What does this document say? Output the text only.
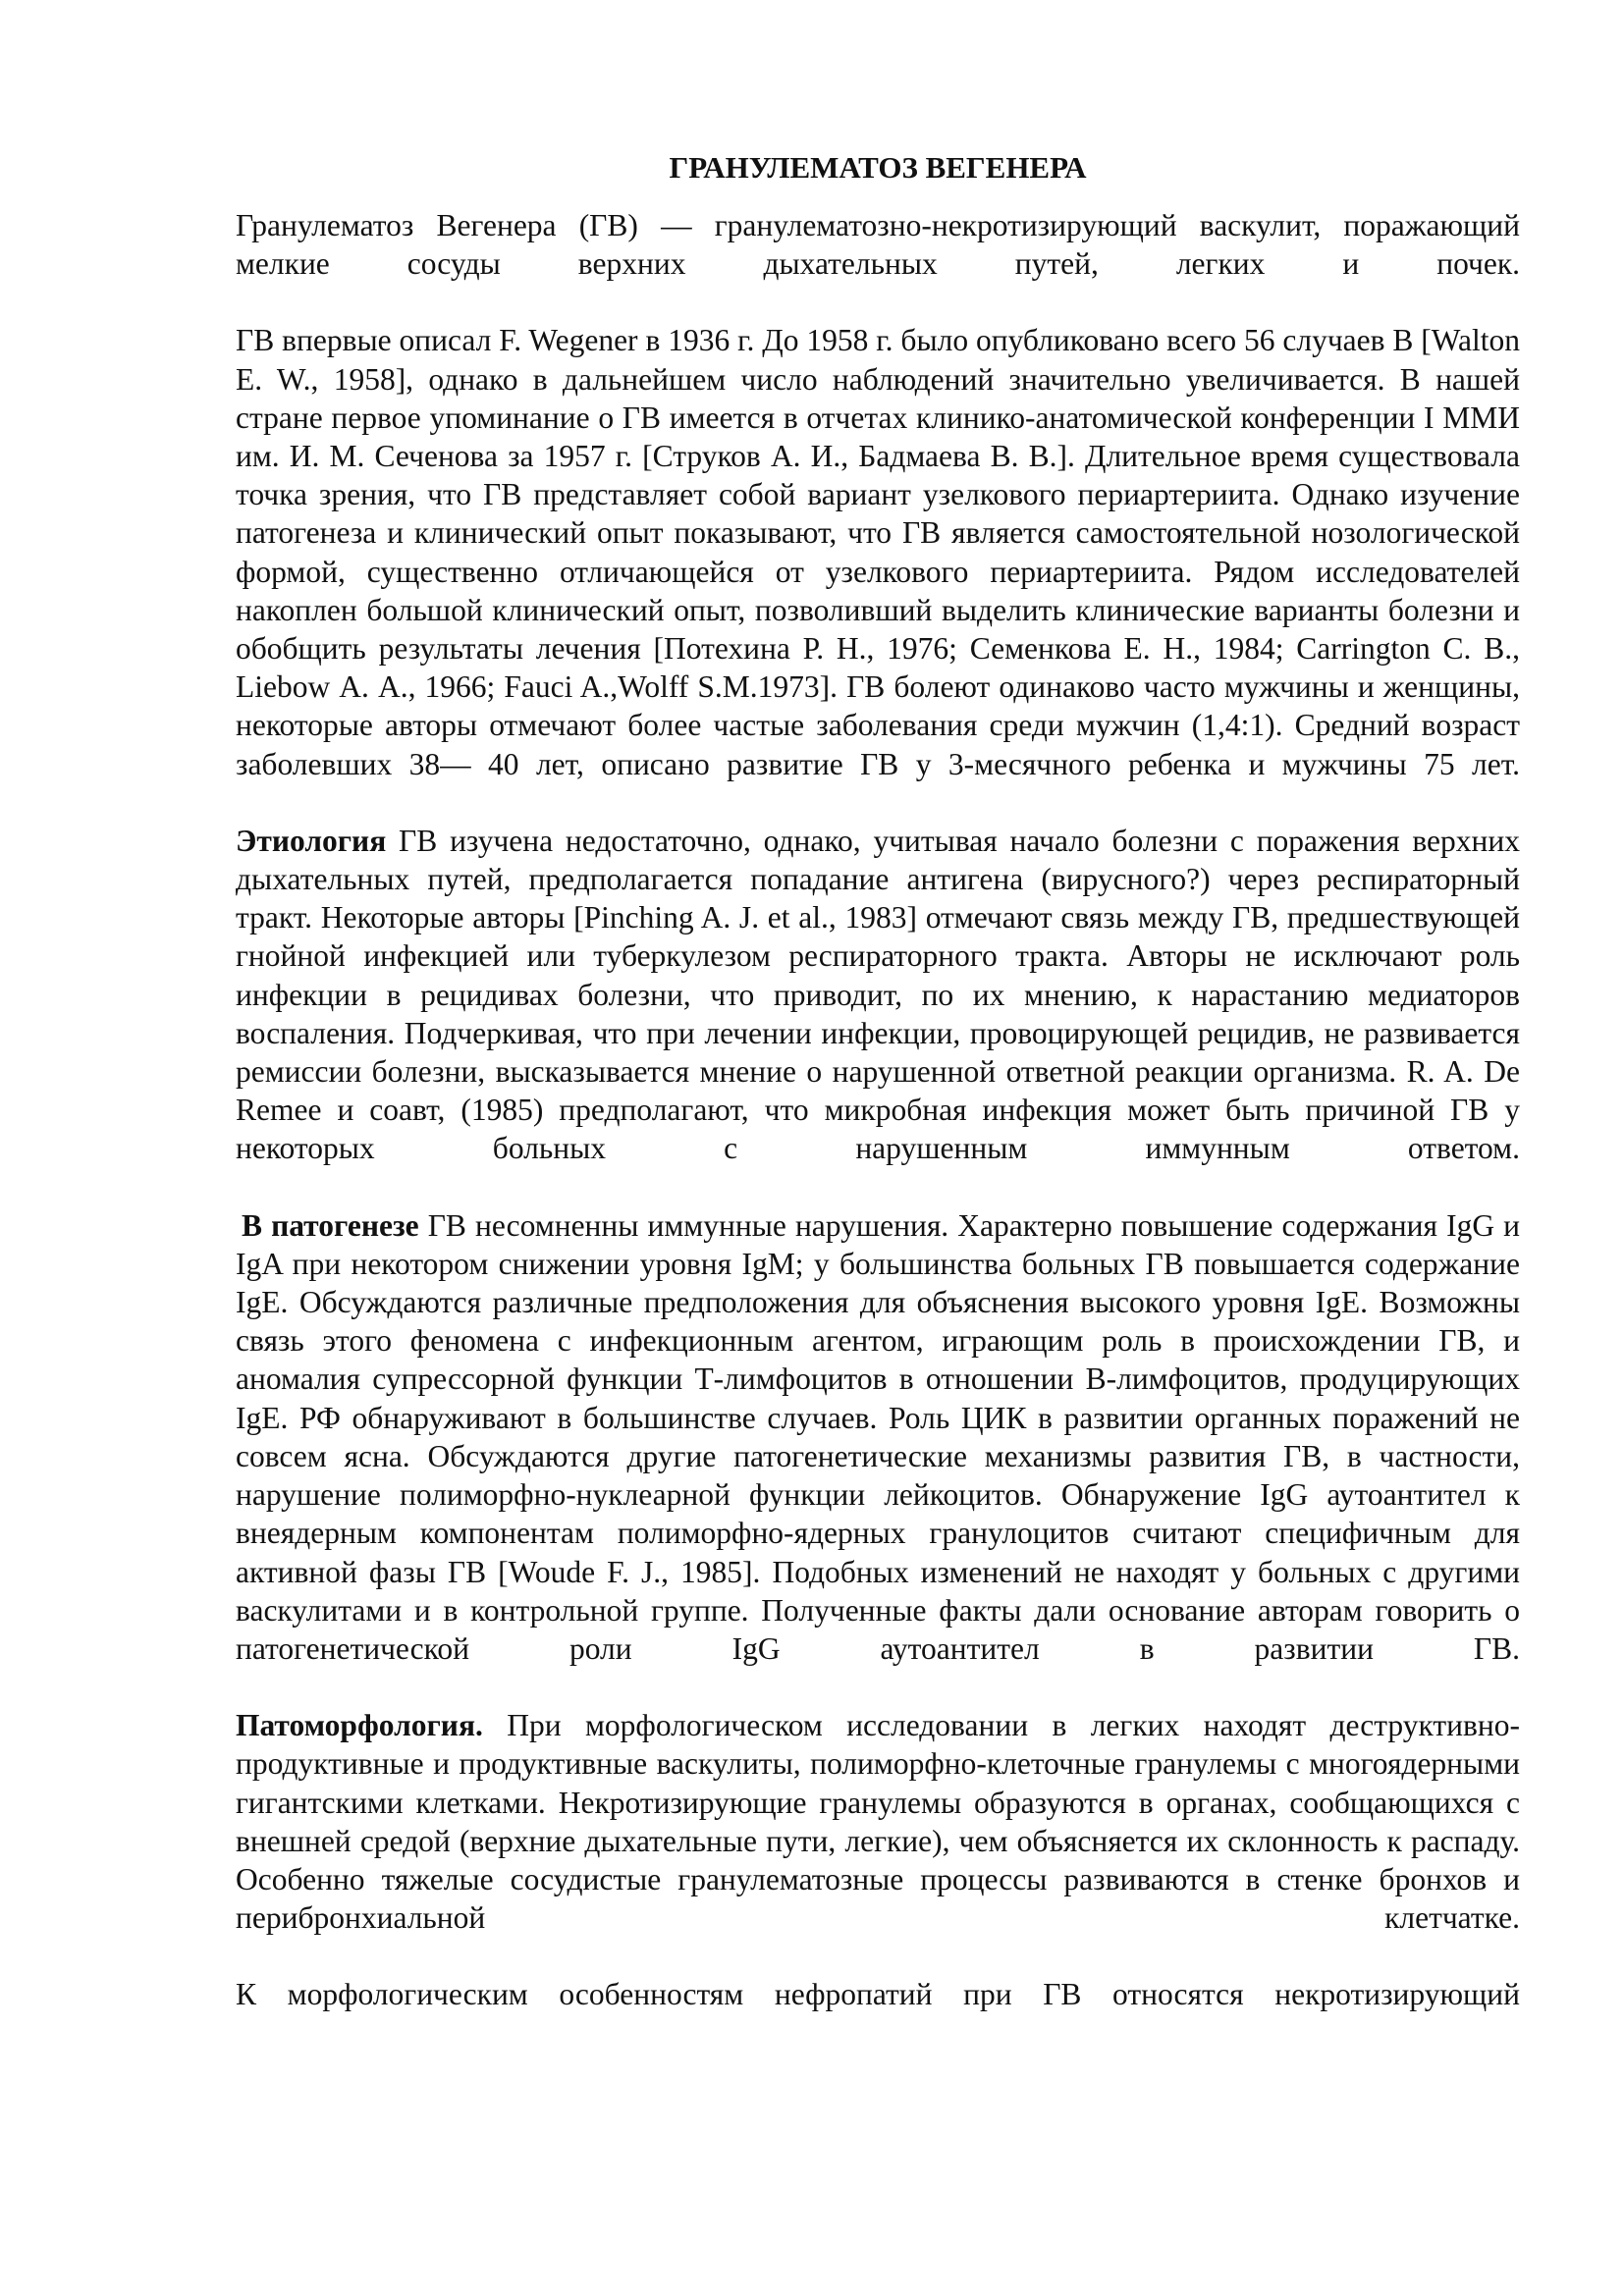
ГРАНУЛЕМАТОЗ ВЕГЕНЕРА

Гранулематоз Вегенера (ГВ) — гранулематозно-некротизирующий васкулит, поражающий мелкие сосуды верхних дыхательных путей, легких и почек.

ГВ впервые описал F. Wegener в 1936 г. До 1958 г. было опубликовано всего 56 случаев В [Walton E. W., 1958], однако в дальнейшем число наблюдений значительно увеличивается. В нашей стране первое упоминание о ГВ имеется в отчетах клинико-анатомической конференции I ММИ им. И. М. Сеченова за 1957 г. [Струков А. И., Бадмаева В. В.]. Длительное время существовала точка зрения, что ГВ представляет собой вариант узелкового периартериита. Однако изучение патогенеза и клинический опыт показывают, что ГВ является самостоятельной нозологической формой, существенно отличающейся от узелкового периартериита. Рядом исследователей накоплен большой клинический опыт, позволивший выделить клинические варианты болезни и обобщить результаты лечения [Потехина Р. Н., 1976; Семенкова Е. Н., 1984; Carrington С. В., Liebow А. А., 1966; Fauci A.,Wolff S.M.1973]. ГВ болеют одинаково часто мужчины и женщины, некоторые авторы отмечают более частые заболевания среди мужчин (1,4:1). Средний возраст заболевших 38— 40 лет, описано развитие ГВ у 3-месячного ребенка и мужчины 75 лет.

Этиология ГВ изучена недостаточно, однако, учитывая начало болезни с поражения верхних дыхательных путей, предполагается попадание антигена (вирусного?) через респираторный тракт. Некоторые авторы [Pinching A. J. et al., 1983] отмечают связь между ГВ, предшествующей гнойной инфекцией или туберкулезом респираторного тракта. Авторы не исключают роль инфекции в рецидивах болезни, что приводит, по их мнению, к нарастанию медиаторов воспаления. Подчеркивая, что при лечении инфекции, провоцирующей рецидив, не развивается ремиссии болезни, высказывается мнение о нарушенной ответной реакции организма. R. A. De Remee и соавт, (1985) предполагают, что микробная инфекция может быть причиной ГВ у некоторых больных с нарушенным иммунным ответом.

В патогенезе ГВ несомненны иммунные нарушения. Характерно повышение содержания IgG и IgA при некотором снижении уровня IgM; у большинства больных ГВ повышается содержание IgE. Обсуждаются различные предположения для объяснения высокого уровня IgE. Возможны связь этого феномена с инфекционным агентом, играющим роль в происхождении ГВ, и аномалия супрессорной функции Т-лимфоцитов в отношении В-лимфоцитов, продуцирующих IgE. РФ обнаруживают в большинстве случаев. Роль ЦИК в развитии органных поражений не совсем ясна. Обсуждаются другие патогенетические механизмы развития ГВ, в частности, нарушение полиморфно-нуклеарной функции лейкоцитов. Обнаружение IgG аутоантител к внеядерным компонентам полиморфно-ядерных гранулоцитов считают специфичным для активной фазы ГВ [Woude F. J., 1985]. Подобных изменений не находят у больных с другими васкулитами и в контрольной группе. Полученные факты дали основание авторам говорить о патогенетической роли IgG аутоантител в развитии ГВ.

Патоморфология. При морфологическом исследовании в легких находят деструктивно-продуктивные и продуктивные васкулиты, полиморфно-клеточные гранулемы с многоядерными гигантскими клетками. Некротизирующие гранулемы образуются в органах, сообщающихся с внешней средой (верхние дыхательные пути, легкие), чем объясняется их склонность к распаду. Особенно тяжелые сосудистые гранулематозные процессы развиваются в стенке бронхов и перибронхиальной клетчатке.

К морфологическим особенностям нефропатий при ГВ относятся некротизирующий
